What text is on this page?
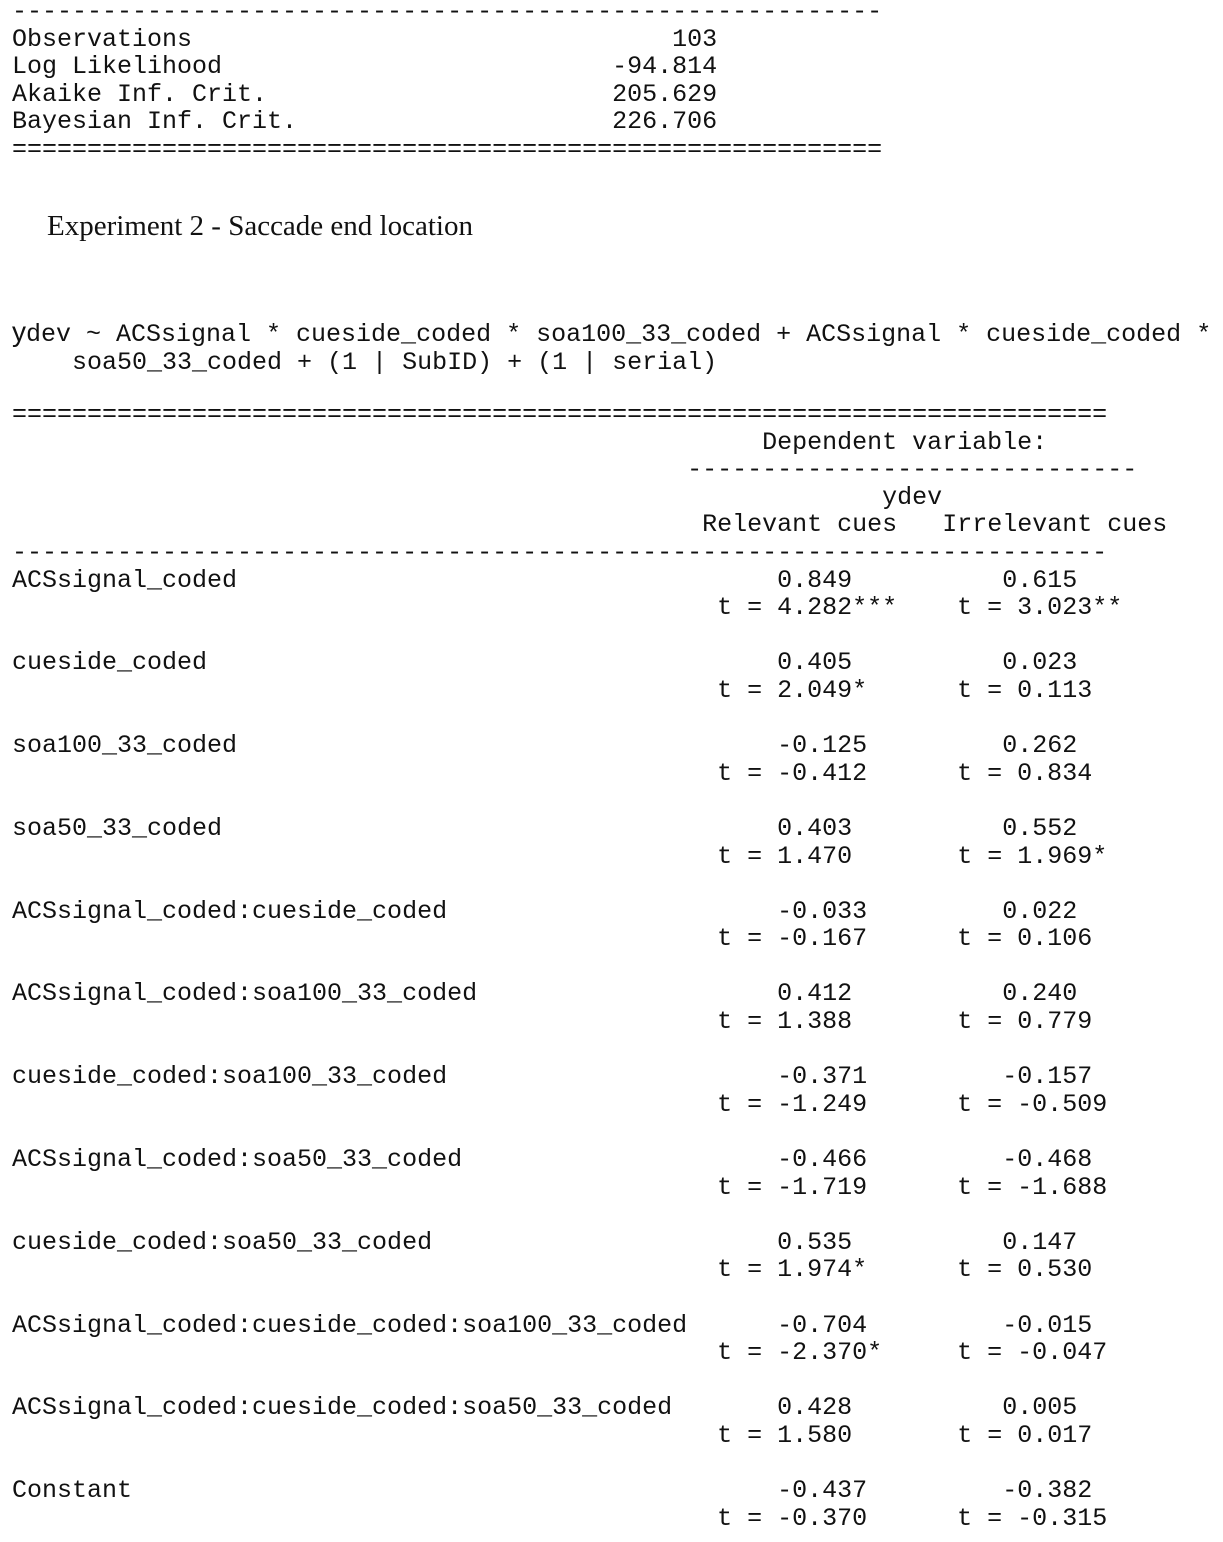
----------------------------------------------------------
Observations	103
Log Likelihood	-94.814
Akaike Inf. Crit.	205.629
Bayesian Inf. Crit.	226.706
==========================================================

Experiment 2 - Saccade end location
ydev ~ ACSsignal * cueside_coded * soa100_33_coded + ACSsignal * cueside_coded *
soa50_33_coded + (1 | SubID) + (1 | serial)
=========================================================================
Dependent variable:
------------------------------
ydev
Relevant cues Irrelevant cues
-------------------------------------------------------------------------
ACSsignal_coded	0.849	0.615
t = 4.282*** t = 3.023**

cueside_coded	0.405	0.023
t = 2.049*	t = 0.113

soa100_33_coded	-0.125	0.262
t = -0.412	t = 0.834

soa50_33_coded	0.403	0.552
t = 1.470	t = 1.969*

ACSsignal_coded:cueside_coded	-0.033	0.022
t = -0.167	t = 0.106

ACSsignal_coded:soa100_33_coded	0.412	0.240
t = 1.388	t = 0.779

cueside_coded:soa100_33_coded	-0.371	-0.157
t = -1.249	t = -0.509

ACSsignal_coded:soa50_33_coded	-0.466	-0.468
t = -1.719	t = -1.688

cueside_coded:soa50_33_coded	0.535	0.147
t = 1.974*	t = 0.530

ACSsignal_coded:cueside_coded:soa100_33_coded	-0.704	-0.015
t = -2.370*	t = -0.047

ACSsignal_coded:cueside_coded:soa50_33_coded	0.428	0.005
t = 1.580	t = 0.017

Constant	-0.437	-0.382
t = -0.370	t = -0.315
